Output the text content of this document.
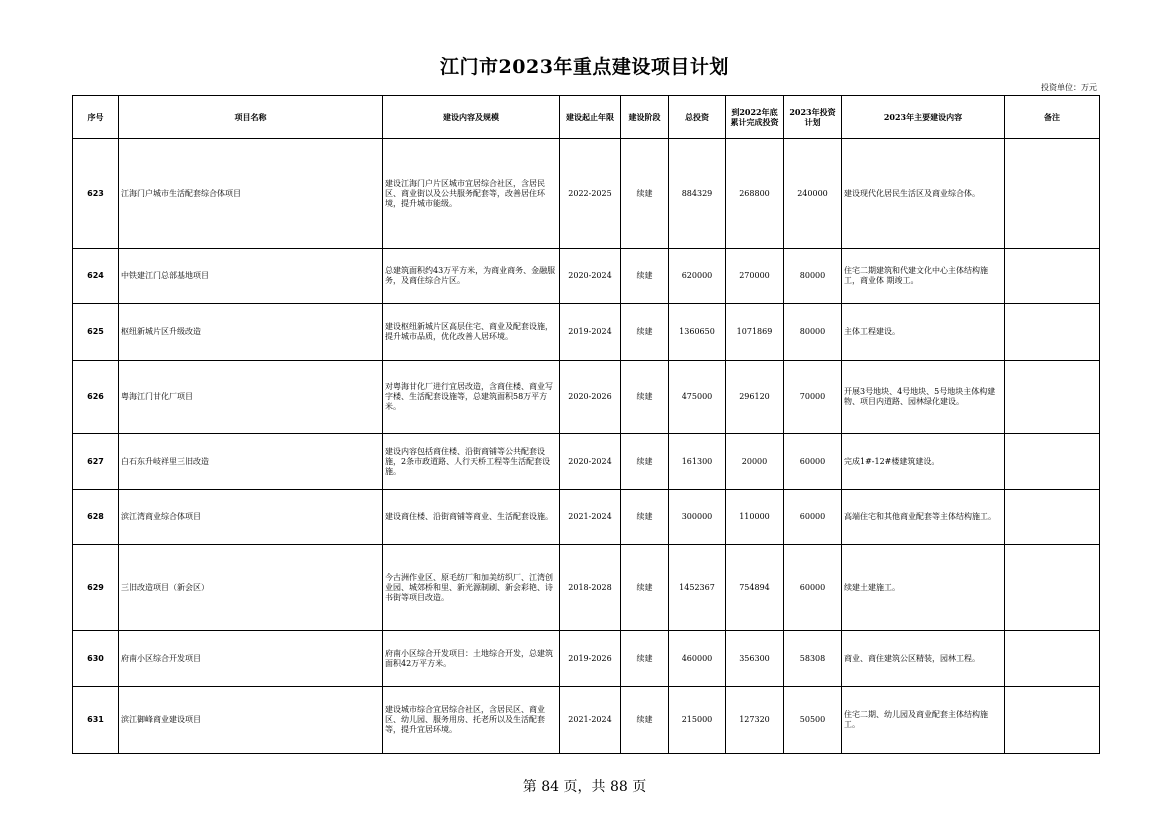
江门市2023年重点建设项目计划
投资单位：万元
序号	项目名称	建设内容及规模	建设起止年限	建设阶段	总投资	到2022年底累计完成投资	2023年投资计划	2023年主要建设内容	备注
623	江海门户城市生活配套综合体项目	建设江海门户片区城市宜居综合社区，含居民区、商业街以及公共服务配套等，改善居住环境，提升城市能级。	2022-2025	续建	884329	268800	240000	建设现代化居民生活区及商业综合体。	
624	中铁建江门总部基地项目	总建筑面积约43万平方米，为商业商务、金融服务，及商住综合片区。	2020-2024	续建	620000	270000	80000	住宅二期建筑和代建文化中心主体结构施工，商业体 期竣工。	
625	枢纽新城片区升级改造	建设枢纽新城片区高层住宅、商业及配套设施，提升城市品质，优化改善人居环境。	2019-2024	续建	1360650	1071869	80000	主体工程建设。	
626	粤海江门甘化厂项目	对粤海甘化厂进行宜居改造，含商住楼、商业写字楼、生活配套设施等，总建筑面积58万平方米。	2020-2026	续建	475000	296120	70000	开展3号地块、4号地块、5号地块主体构建物、项目内道路、园林绿化建设。	
627	白石东升岐祥里三旧改造	建设内容包括商住楼、沿街商铺等公共配套设施，2条市政道路、人行天桥工程等生活配套设施。	2020-2024	续建	161300	20000	60000	完成1#-12#楼建筑建设。	
628	滨江湾商业综合体项目	建设商住楼、沿街商铺等商业、生活配套设施。	2021-2024	续建	300000	110000	60000	高端住宅和其他商业配套等主体结构施工。	
629	三旧改造项目（新会区）	今古洲作业区、原毛纺厂和加美纺织厂、江湾创业园、城郊桥和里、新光源制刷、新会彩艳、诗书街等项目改造。	2018-2028	续建	1452367	754894	60000	续建土建施工。	
630	府南小区综合开发项目	府南小区综合开发项目：土地综合开发，总建筑面积42万平方米。	2019-2026	续建	460000	356300	58308	商业、商住建筑公区精装，园林工程。	
631	滨江御峰商业建设项目	建设城市综合宜居综合社区，含居民区、商业区、幼儿园、服务用房、托老所以及生活配套等，提升宜居环境。	2021-2024	续建	215000	127320	50500	住宅二期、幼儿园及商业配套主体结构施工。	
第 84 页，共 88 页
